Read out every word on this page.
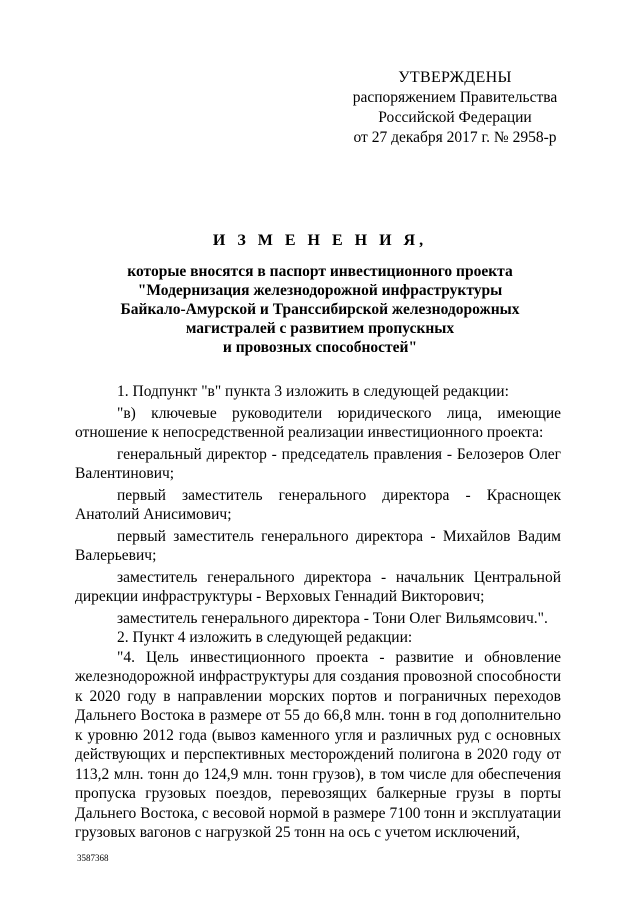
УТВЕРЖДЕНЫ
распоряжением Правительства
Российской Федерации
от 27 декабря 2017 г. № 2958-р
И З М Е Н Е Н И Я,
которые вносятся в паспорт инвестиционного проекта
"Модернизация железнодорожной инфраструктуры
Байкало-Амурской и Транссибирской железнодорожных
магистралей с развитием пропускных
и провозных способностей"

1. Подпункт "в" пункта 3 изложить в следующей редакции:

"в) ключевые руководители юридического лица, имеющие отношение к непосредственной реализации инвестиционного проекта:

генеральный директор - председатель правления - Белозеров Олег Валентинович;

первый заместитель генерального директора - Краснощек Анатолий Анисимович;

первый заместитель генерального директора - Михайлов Вадим Валерьевич;

заместитель генерального директора - начальник Центральной дирекции инфраструктуры - Верховых Геннадий Викторович;

заместитель генерального директора - Тони Олег Вильямсович.".

2. Пункт 4 изложить в следующей редакции:

"4. Цель инвестиционного проекта - развитие и обновление железнодорожной инфраструктуры для создания провозной способности к 2020 году в направлении морских портов и пограничных переходов Дальнего Востока в размере от 55 до 66,8 млн. тонн в год дополнительно к уровню 2012 года (вывоз каменного угля и различных руд с основных действующих и перспективных месторождений полигона в 2020 году от 113,2 млн. тонн до 124,9 млн. тонн грузов), в том числе для обеспечения пропуска грузовых поездов, перевозящих балкерные грузы в порты Дальнего Востока, с весовой нормой в размере 7100 тонн и эксплуатации грузовых вагонов с нагрузкой 25 тонн на ось с учетом исключений,

3587368
